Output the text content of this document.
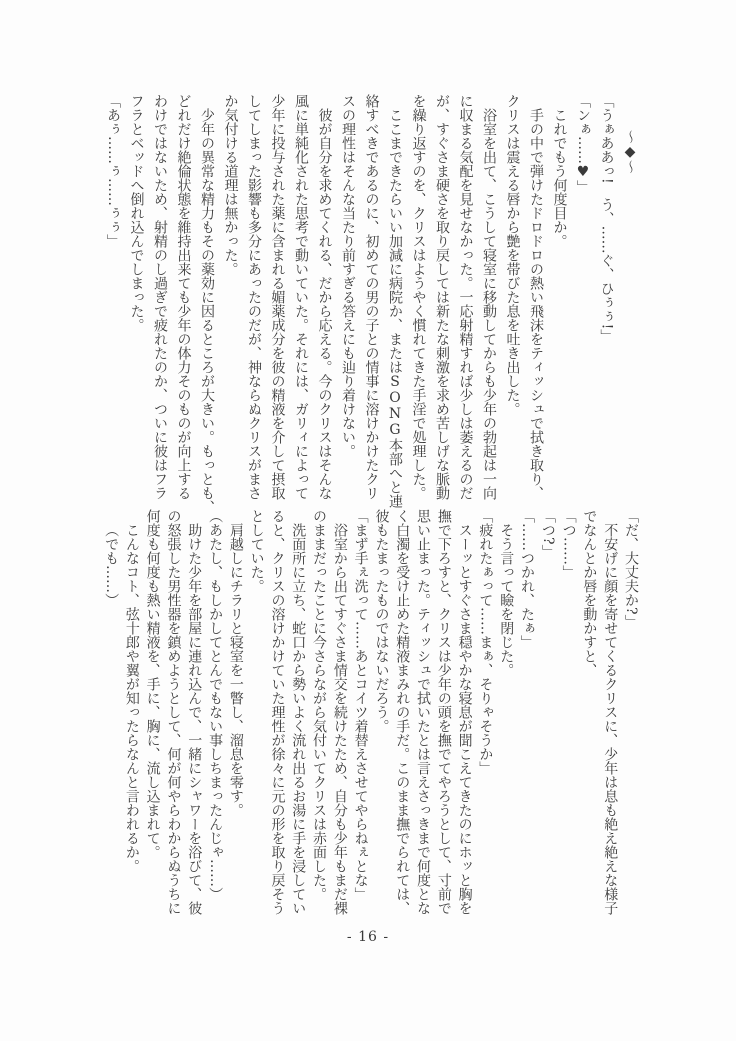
〜◆〜

「うぁああっ!　う、……ぐ、ひぅぅ!」

「ンぁ……♥」

これでもう何度目か。

手の中で弾けたドロドロの熱い飛沫をティッシュで拭き取り、

クリスは震える唇から艶を帯びた息を吐き出した。

浴室を出て、こうして寝室に移動してからも少年の勃起は一向

に収まる気配を見せなかった。一応射精すれば少しは萎えるのだ

が、すぐさま硬さを取り戻しては新たな刺激を求め苦しげな脈動

を繰り返すのを、クリスはようやく慣れてきた手淫で処理した。

ここまできたらいい加減に病院か、またはSONG本部へと連

絡すべきであるのに、初めての男の子との情事に溶けかけたクリ

スの理性はそんな当たり前すぎる答えにも辿り着けない。

彼が自分を求めてくれる、だから応える。今のクリスはそんな

風に単純化された思考で動いていた。それには、ガリィによって

少年に投与された薬に含まれる媚薬成分を彼の精液を介して摂取

してしまった影響も多分にあったのだが、神ならぬクリスがまさ

か気付ける道理は無かった。

少年の異常な精力もその薬効に因るところが大きい。もっとも、

どれだけ絶倫状態を維持出来ても少年の体力そのものが向上する

わけではないため、射精のし過ぎで疲れたのか、ついに彼はフラ

フラとベッドへ倒れ込んでしまった。

「あぅ……ぅ……ぅぅ」

「だ、大丈夫か?」

不安げに顔を寄せてくるクリスに、少年は息も絶え絶えな様子

でなんとか唇を動かすと、

「つ……」

「つ?」

「……つかれ、たぁ」

そう言って瞼を閉じた。

「疲れたぁって……まぁ、そりゃそうか」

スーッとすぐさま穏やかな寝息が聞こえてきたのにホッと胸を

撫で下ろすと、クリスは少年の頭を撫でてやろうとして、寸前で

思い止まった。ティッシュで拭いたとは言えさっきまで何度とな

く白濁を受け止めた精液まみれの手だ。このまま撫でられては、

彼もたまったものではないだろう。

「まず手ぇ洗って……あとコイツ着替えさせてやらねぇとな」

浴室から出てすぐさま情交を続けたため、自分も少年もまだ裸

のままだったことに今さらながら気付いてクリスは赤面した。

洗面所に立ち、蛇口から勢いよく流れ出るお湯に手を浸してい

ると、クリスの溶けかけていた理性が徐々に元の形を取り戻そう

としていた。

肩越しにチラリと寝室を一瞥し、溜息を零す。

（あたし、もしかしてとんでもない事しちまったんじゃ……）

助けた少年を部屋に連れ込んで、一緒にシャワーを浴びて、彼

の怒張した男性器を鎮めようとして、何が何やらわからぬうちに

何度も何度も熱い精液を、手に、胸に、流し込まれて。

こんなコト、弦十郎や翼が知ったらなんと言われるか。

（でも……）

- 16 -
